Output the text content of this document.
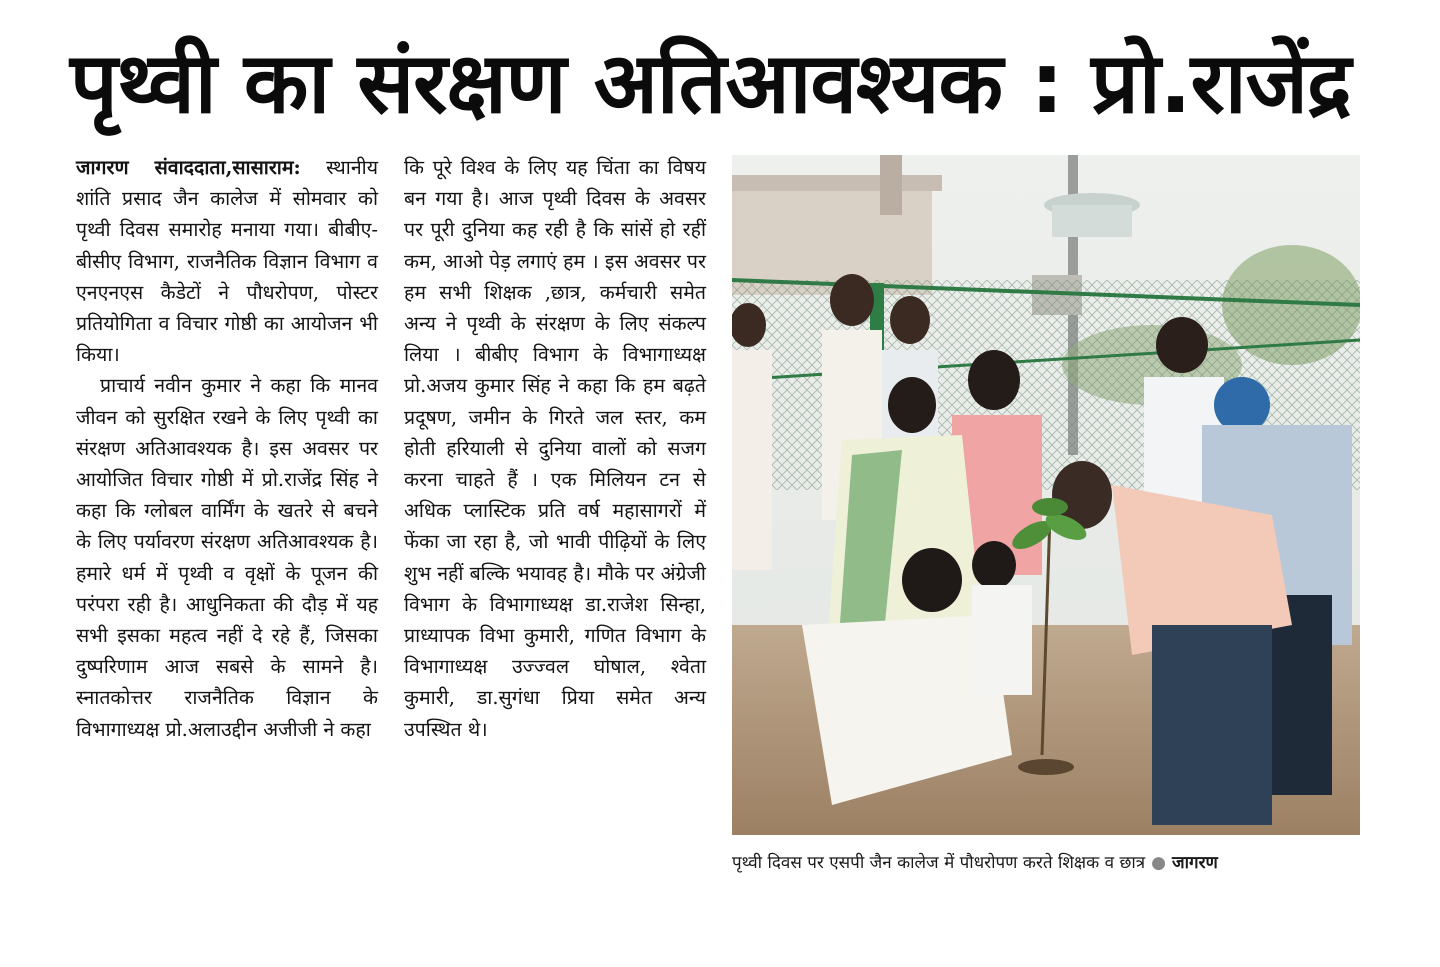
पृथ्वी का संरक्षण अतिआवश्यक : प्रो.राजेंद्र

जागरण संवाददाता,सासाराम: स्थानीय शांति प्रसाद जैन कालेज में सोमवार को पृथ्वी दिवस समारोह मनाया गया। बीबीए-बीसीए विभाग, राजनैतिक विज्ञान विभाग व एनएनएस कैडेटों ने पौधरोपण, पोस्टर प्रतियोगिता व विचार गोष्ठी का आयोजन भी किया।

प्राचार्य नवीन कुमार ने कहा कि मानव जीवन को सुरक्षित रखने के लिए पृथ्वी का संरक्षण अतिआवश्यक है। इस अवसर पर आयोजित विचार गोष्ठी में प्रो.राजेंद्र सिंह ने कहा कि ग्लोबल वार्मिंग के खतरे से बचने के लिए पर्यावरण संरक्षण अतिआवश्यक है। हमारे धर्म में पृथ्वी व वृक्षों के पूजन की परंपरा रही है। आधुनिकता की दौड़ में यह सभी इसका महत्व नहीं दे रहे हैं, जिसका दुष्परिणाम आज सबसे के सामने है। स्नातकोत्तर राजनैतिक विज्ञान के विभागाध्यक्ष प्रो.अलाउद्दीन अजीजी ने कहा

कि पूरे विश्व के लिए यह चिंता का विषय बन गया है। आज पृथ्वी दिवस के अवसर पर पूरी दुनिया कह रही है कि सांसें हो रहीं कम, आओ पेड़ लगाएं हम । इस अवसर पर हम सभी शिक्षक ,छात्र, कर्मचारी समेत अन्य ने पृथ्वी के संरक्षण के लिए संकल्प लिया । बीबीए विभाग के विभागाध्यक्ष प्रो.अजय कुमार सिंह ने कहा कि हम बढ़ते प्रदूषण, जमीन के गिरते जल स्तर, कम होती हरियाली से दुनिया वालों को सजग करना चाहते हैं । एक मिलियन टन से अधिक प्लास्टिक प्रति वर्ष महासागरों में फेंका जा रहा है, जो भावी पीढ़ियों के लिए शुभ नहीं बल्कि भयावह है। मौके पर अंग्रेजी विभाग के विभागाध्यक्ष डा.राजेश सिन्हा, प्राध्यापक विभा कुमारी, गणित विभाग के विभागाध्यक्ष उज्ज्वल घोषाल, श्वेता कुमारी, डा.सुगंधा प्रिया समेत अन्य उपस्थित थे।

पृथ्वी दिवस पर एसपी जैन कालेज में पौधरोपण करते शिक्षक व छात्र ● जागरण
